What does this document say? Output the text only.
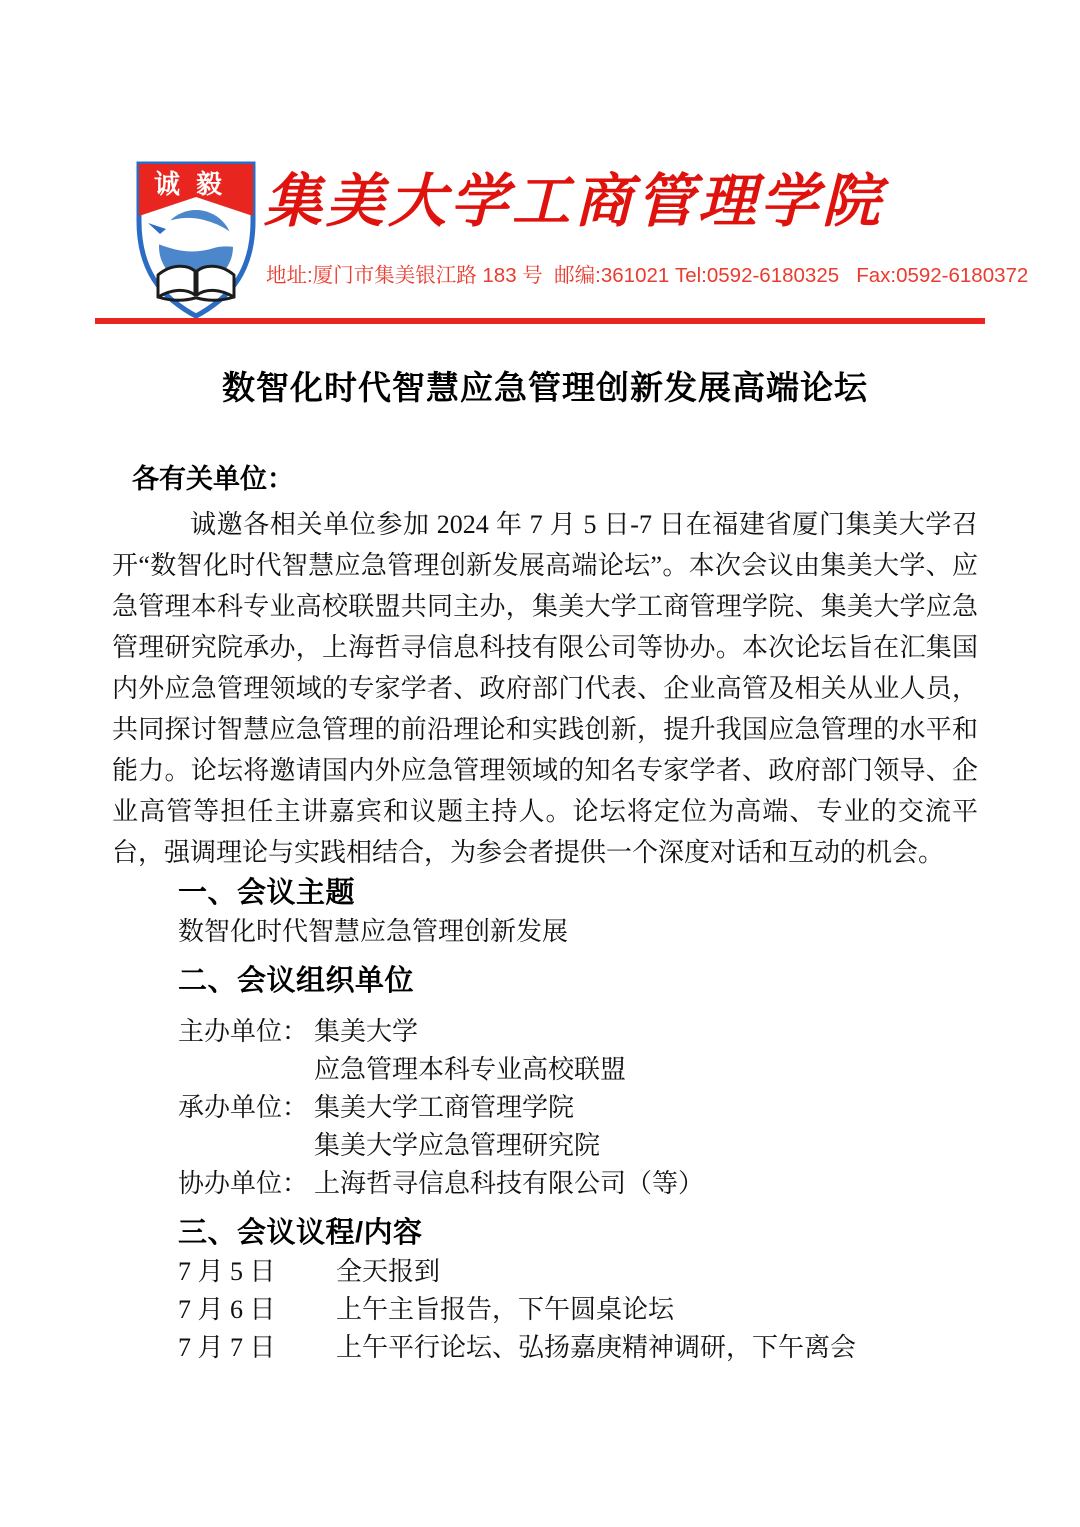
诚毅 集美大学工商管理学院
地址:厦门市集美银江路 183 号  邮编:361021 Tel:0592-6180325   Fax:0592-6180372
数智化时代智慧应急管理创新发展高端论坛
各有关单位：

诚邀各相关单位参加 2024 年 7 月 5 日-7 日在福建省厦门集美大学召开“数智化时代智慧应急管理创新发展高端论坛”。本次会议由集美大学、应急管理本科专业高校联盟共同主办，集美大学工商管理学院、集美大学应急管理研究院承办，上海哲寻信息科技有限公司等协办。本次论坛旨在汇集国内外应急管理领域的专家学者、政府部门代表、企业高管及相关从业人员，共同探讨智慧应急管理的前沿理论和实践创新，提升我国应急管理的水平和能力。论坛将邀请国内外应急管理领域的知名专家学者、政府部门领导、企业高管等担任主讲嘉宾和议题主持人。论坛将定位为高端、专业的交流平台，强调理论与实践相结合，为参会者提供一个深度对话和互动的机会。

一、会议主题
数智化时代智慧应急管理创新发展
二、会议组织单位
主办单位： 集美大学
应急管理本科专业高校联盟
承办单位： 集美大学工商管理学院
集美大学应急管理研究院
协办单位： 上海哲寻信息科技有限公司（等）
三、会议议程/内容
7 月 5 日	全天报到
7 月 6 日	上午主旨报告，下午圆桌论坛
7 月 7 日	上午平行论坛、弘扬嘉庚精神调研，下午离会
